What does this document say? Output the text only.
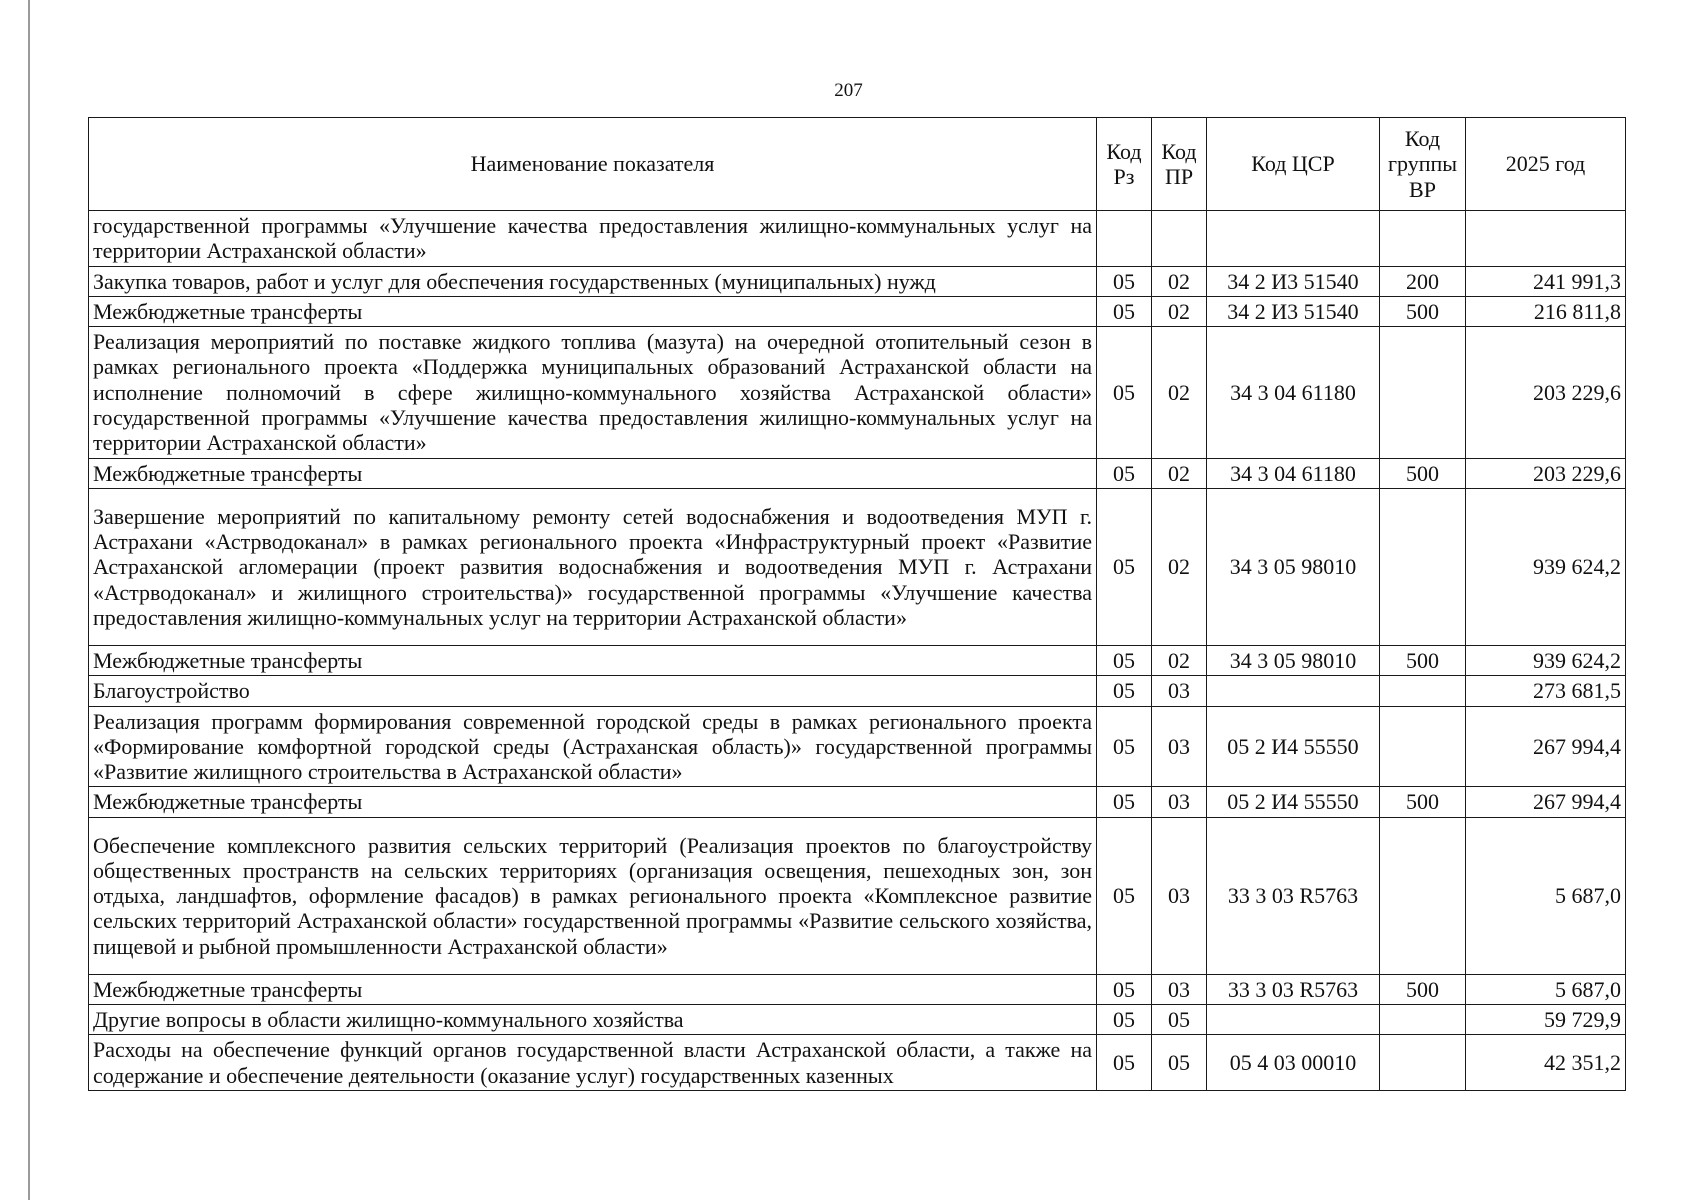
207
Наименование показателя	Код Рз	Код ПР	Код ЦСР	Код группы ВР	2025 год
государственной программы «Улучшение качества предоставления жилищно-коммунальных услуг на территории Астраханской области»					
Закупка товаров, работ и услуг для обеспечения государственных (муниципальных) нужд	05	02	34 2 И3 51540	200	241 991,3
Межбюджетные трансферты	05	02	34 2 И3 51540	500	216 811,8
Реализация мероприятий по поставке жидкого топлива (мазута) на очередной отопительный сезон в рамках регионального проекта «Поддержка муниципальных образований Астраханской области на исполнение полномочий в сфере жилищно-коммунального хозяйства Астраханской области» государственной программы «Улучшение качества предоставления жилищно-коммунальных услуг на территории Астраханской области»	05	02	34 3 04 61180		203 229,6
Межбюджетные трансферты	05	02	34 3 04 61180	500	203 229,6
Завершение мероприятий по капитальному ремонту сетей водоснабжения и водоотведения МУП г. Астрахани «Астрводоканал» в рамках регионального проекта «Инфраструктурный проект «Развитие Астраханской агломерации (проект развития водоснабжения и водоотведения МУП г. Астрахани «Астрводоканал» и жилищного строительства)» государственной программы «Улучшение качества предоставления жилищно-коммунальных услуг на территории Астраханской области»	05	02	34 3 05 98010		939 624,2
Межбюджетные трансферты	05	02	34 3 05 98010	500	939 624,2
Благоустройство	05	03			273 681,5
Реализация программ формирования современной городской среды в рамках регионального проекта «Формирование комфортной городской среды (Астраханская область)» государственной программы «Развитие жилищного строительства в Астраханской области»	05	03	05 2 И4 55550		267 994,4
Межбюджетные трансферты	05	03	05 2 И4 55550	500	267 994,4
Обеспечение комплексного развития сельских территорий (Реализация проектов по благоустройству общественных пространств на сельских территориях (организация освещения, пешеходных зон, зон отдыха, ландшафтов, оформление фасадов) в рамках регионального проекта «Комплексное развитие сельских территорий Астраханской области» государственной программы «Развитие сельского хозяйства, пищевой и рыбной промышленности Астраханской области»	05	03	33 3 03 R5763		5 687,0
Межбюджетные трансферты	05	03	33 3 03 R5763	500	5 687,0
Другие вопросы в области жилищно-коммунального хозяйства	05	05			59 729,9
Расходы на обеспечение функций органов государственной власти Астраханской области, а также на содержание и обеспечение деятельности (оказание услуг) государственных казенных	05	05	05 4 03 00010		42 351,2
